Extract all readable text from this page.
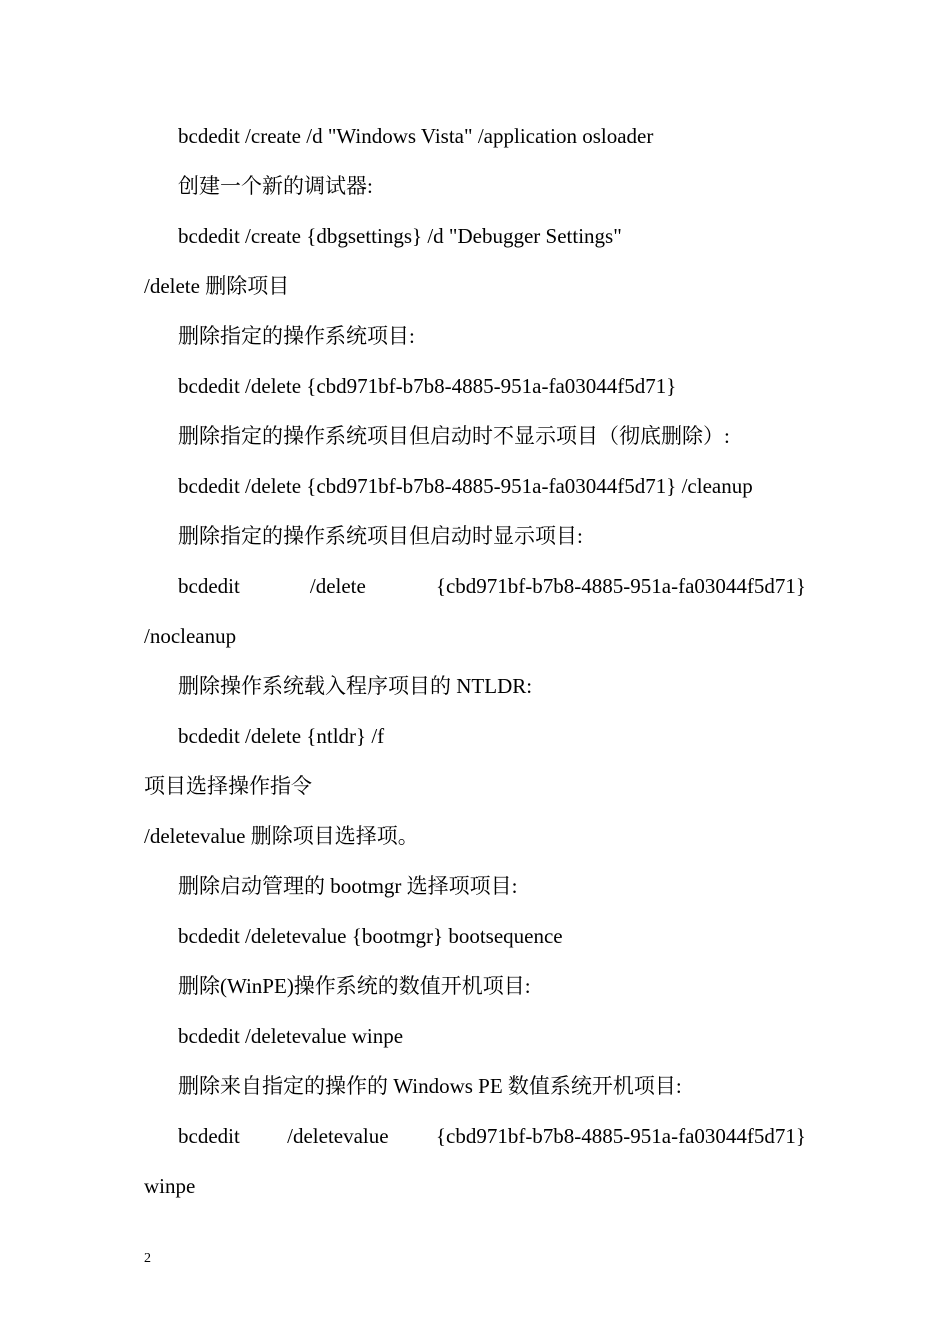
bcdedit /create /d "Windows Vista" /application osloader
创建一个新的调试器:
bcdedit /create {dbgsettings} /d "Debugger Settings"
/delete 删除项目
删除指定的操作系统项目:
bcdedit /delete {cbd971bf-b7b8-4885-951a-fa03044f5d71}
删除指定的操作系统项目但启动时不显示项目（彻底删除）:
bcdedit /delete {cbd971bf-b7b8-4885-951a-fa03044f5d71} /cleanup
删除指定的操作系统项目但启动时显示项目:
bcdedit	/delete	{cbd971bf-b7b8-4885-951a-fa03044f5d71}
/nocleanup
删除操作系统载入程序项目的 NTLDR:
bcdedit /delete {ntldr} /f
项目选择操作指令
/deletevalue 删除项目选择项。
删除启动管理的 bootmgr 选择项项目:
bcdedit /deletevalue {bootmgr} bootsequence
删除(WinPE)操作系统的数值开机项目:
bcdedit /deletevalue winpe
删除来自指定的操作的 Windows PE 数值系统开机项目:
bcdedit /deletevalue {cbd971bf-b7b8-4885-951a-fa03044f5d71}
winpe
2
